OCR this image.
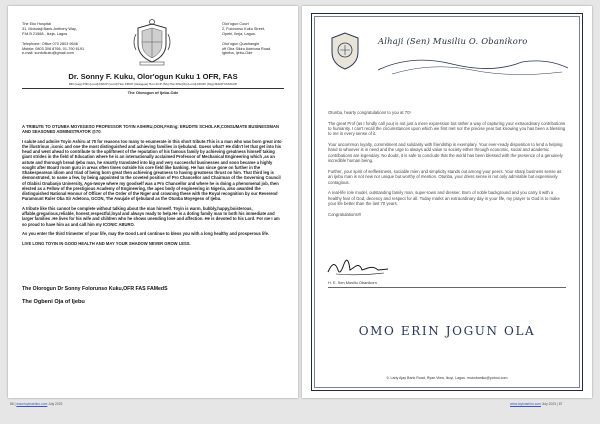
The Eko Hospital
31, Mobolaji Bank-Anthony Way,
P.M.B 21568., Ikeja, Lagos.
Telephone: Office 070 2803 9646
Mobile: 0803 306 8766, 01-790 6191
e-mail: sonfolkuku@gmail.com
Olor'ogun Court
2, Folorunso Kuku Street,
Opebi, Ikeja, Lagos.
Olor'ogun Quadrangle
off Oba Sikiru Adetona Road,
Igbeba, Ijebu-Ode
Dr. Sonny F. Kuku, Olor'ogun Kuku 1 OFR, FAS
MD (Lag) PhD (Lond) FRCP (Lond) Hon FRCP (Glasgow) Hon FCP (SA) Hon DSc(Ib) (Lond) DFMC (Nig) MACP FFMACP
The Olorogun of Ijebu-Ode

A TRIBUTE TO OTUNBA MOYEGESO PROFESSOR TOYIN ASHIRU,OON,FAEng: ERUDITE SCHOLAR,CONSUMATE BUSINESSMAN AND SEASONED ADMINISTRATOR @70.

I salute and admire Toyin Ashiru at 70 for reasons too many to enumerate in this short tribute.This is a man who was born great into the illustrious ,iconic and one the most distinguished and achieving families in Ijebuland. Guess what? He didn't let that get into his head and went ahead to contribute to the upliftment of the reputation of his famous family by achieving greatness himself taking giant strides in the field of Education where he is an internationally acclaimed Professor of Mechanical Engineering which ,as an astute and thorough bread Ijebu man, he smartly translated into big and very successful businesses and soon became a highly sought after Board room guru in areas often times outside his core field like banking. He has since gone on further in the Shakespearean idiom and triad of being born great then achieving greatness to having greatness thrust on him. That third leg is demonstrated, to name a few, by being appointed to the coveted position of Pro Chancellor and Chairman of the Governing Council of Olabisi Onabanjo University, Ago-Iwoye where my goodself was a Pro Chancellor and where he is doing a phenomenal job, then elected as a Fellow of the prestigious Academy of Engineering, the apex body of engineering in Nigeria, also awarded the distinguished National Honour of Officer of the Order of the Niger and crowning these with the Royal recognition by our Reverend Paramount Ruler Oba Sir Adetona, GCON, The Awujale of Ijebuland as the Otunba Moyegeso of Ijebu.

A tribute like this cannot be complete without talking about the man himself. Toyin is warm, bubbly,happy,boisterous, affable,gregarious,reliable, honest,respectful,loyal and always ready to help.He is a doting family man to both his immediate and larger families .He lives for his wife and children who he shows unending love and affection. He is devoted to his Lord. For me I am so proud to have him as and call him my ICONIC ABURO.

As you enter the third trimester of your life, may the Good Lord continue to bless you with a long healthy and prosperous life.

LIVE LONG TOYIN IN GOOD HEALTH AND MAY YOUR SHADOW NEVER GROW LESS.

The Olorogun Dr Sonny Folorunso Kuku,OFR FAS FAMedS
The Ogbeni Oja of Ijebu
Alhaji (Sen) Musiliu O. Obanikoro

Otunba, hearty congratulations to you at 70!

The great Prof (as I fondly call you) is not just a mere expression but rather a way of capturing your extraordinary contributions to humanity. I can't recall the circumstances upon which we first met nor the precise year but knowing you has been a blessing to me in every sense of it.

Your uncommon loyalty, commitment and solidarity with friendship is exemplary. Your ever-ready disposition to lend a helping hand to whoever is in need and the urge to always add value to society either through economic, social and academic contributions are legendary. No doubt, it is safe to conclude that the world has been blessed with the presence of a genuinely incredible human being.

Further, your spirit of selflessness, sociable mien and simplicity stands out among your peers. Your sharp business sense as an Ijebu man is not new nor unique but worthy of mention. Otunba, your dress sense is not only admirable but expensively contagious.

A real-life role model, outstanding family man, super-town and dresser. Born of noble background and you carry it with a healthy fear of God, decency and respect for all. Today marks an extraordinary day in your life, my prayer to God is to make your life better than the last 70 years.

Congratulations!!!

H. E. Sen Musiliu Obanikoro
OMO ERIN JOGUN OLA
9, Lady Ajay Bank Road, Ryan View, Ikoyi, Lagos. musobaniko@yahoo.com
86 | www.toyinashiru.com July 2023	www.toyinashiru.com July 2023 | 87
